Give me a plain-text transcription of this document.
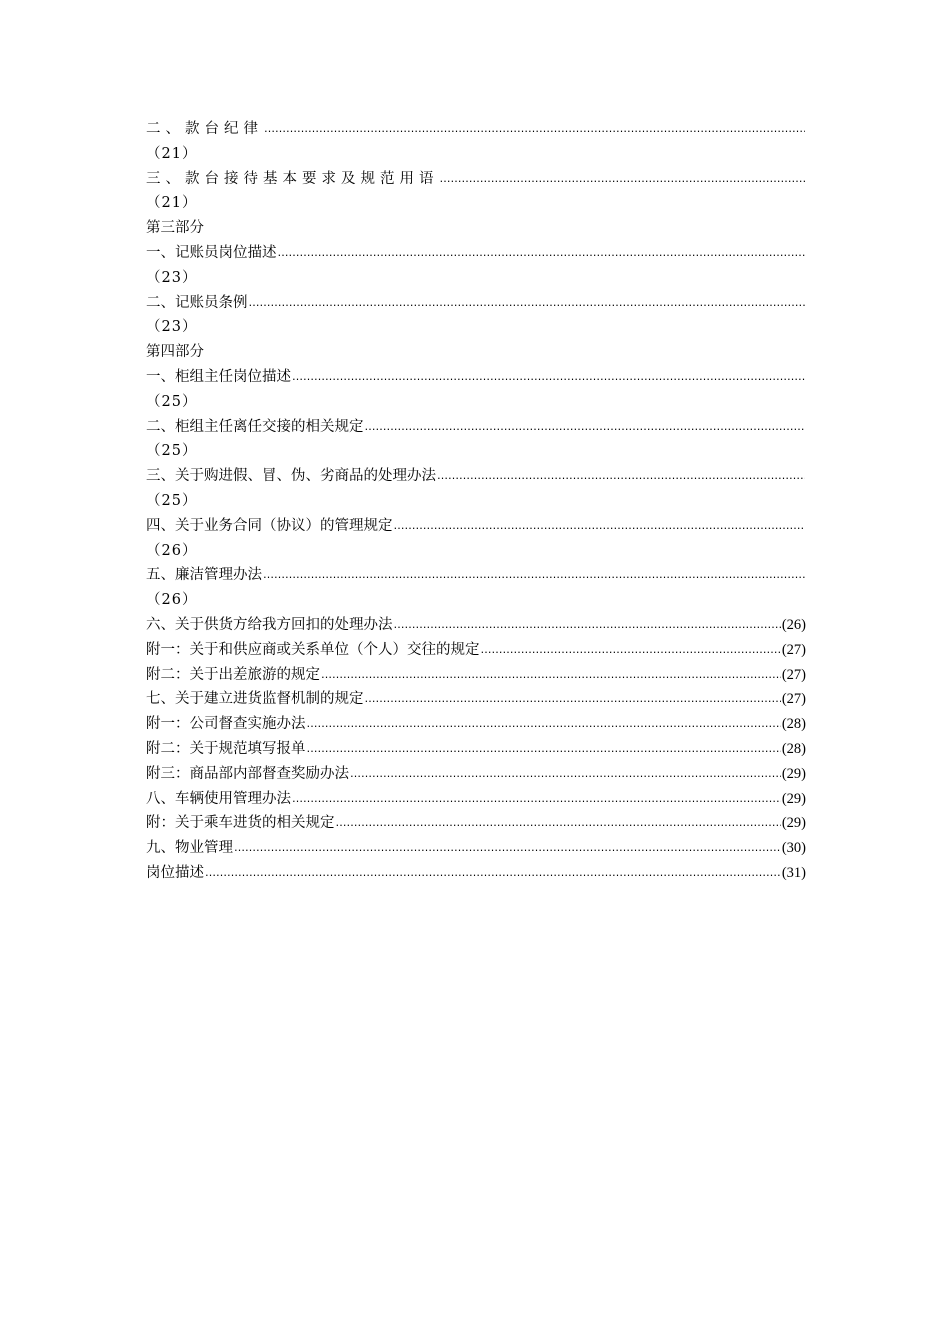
二、款台纪律
……………………………………………………………………………………………………………………………………………………………………………………
（21）
三、款台接待基本要求及规范用语
……………………………………………………………………………………………………………………………………………………………………………………
（21）
第三部分
一、记账员岗位描述
……………………………………………………………………………………………………………………………………………………………………………………
（23）
二、记账员条例
……………………………………………………………………………………………………………………………………………………………………………………
（23）
第四部分
一、柜组主任岗位描述
……………………………………………………………………………………………………………………………………………………………………………………
（25）
二、柜组主任离任交接的相关规定
……………………………………………………………………………………………………………………………………………………………………………………
（25）
三、关于购进假、冒、伪、劣商品的处理办法
……………………………………………………………………………………………………………………………………………………………………………………
（25）
四、关于业务合同（协议）的管理规定
……………………………………………………………………………………………………………………………………………………………………………………
（26）
五、廉洁管理办法
……………………………………………………………………………………………………………………………………………………………………………………
（26）
六、关于供货方给我方回扣的处理办法 ……………………………………………………………………………………………………………………………………………………………………………………	(26)
附一：关于和供应商或关系单位（个人）交往的规定 ……………………………………………………………………………………………………………………………………………………………………………………	(27)
附二：关于出差旅游的规定 ……………………………………………………………………………………………………………………………………………………………………………………	(27)
七、关于建立进货监督机制的规定 ……………………………………………………………………………………………………………………………………………………………………………………	(27)
附一：公司督查实施办法 ……………………………………………………………………………………………………………………………………………………………………………………	(28)
附二：关于规范填写报单 ……………………………………………………………………………………………………………………………………………………………………………………	(28)
附三：商品部内部督查奖励办法 ……………………………………………………………………………………………………………………………………………………………………………………	(29)
八、车辆使用管理办法 ……………………………………………………………………………………………………………………………………………………………………………………	(29)
附：关于乘车进货的相关规定 ……………………………………………………………………………………………………………………………………………………………………………………	(29)
九、物业管理 ……………………………………………………………………………………………………………………………………………………………………………………	(30)
岗位描述 ……………………………………………………………………………………………………………………………………………………………………………………	(31)
